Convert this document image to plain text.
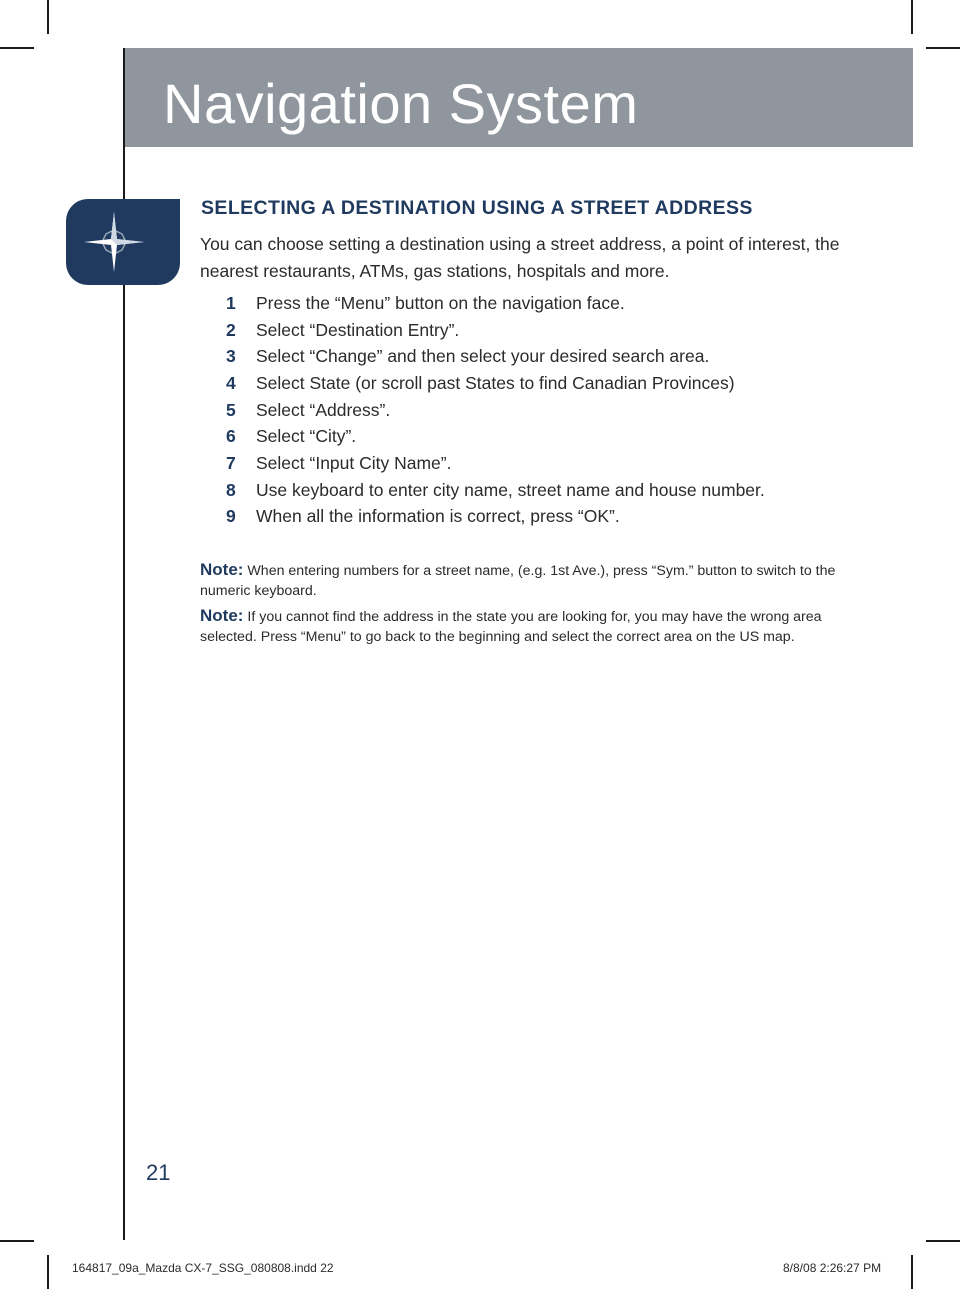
Navigation System
SELECTING A DESTINATION USING A STREET ADDRESS
You can choose setting a destination using a street address, a point of interest, the nearest restaurants, ATMs, gas stations, hospitals and more.
1	Press the “Menu” button on the navigation face.
2	Select “Destination Entry”.
3	Select “Change” and then select your desired search area.
4	Select State (or scroll past States to find Canadian Provinces)
5	Select “Address”.
6	Select “City”.
7	Select “Input City Name”.
8	Use keyboard to enter city name, street name and house number.
9	When all the information is correct, press “OK”.
Note: When entering numbers for a street name, (e.g. 1st Ave.), press “Sym.” button to switch to the numeric keyboard.
Note: If you cannot find the address in the state you are looking for, you may have the wrong area selected. Press “Menu” to go back to the beginning and select the correct area on the US map.
21
164817_09a_Mazda CX-7_SSG_080808.indd 22	8/8/08 2:26:27 PM
